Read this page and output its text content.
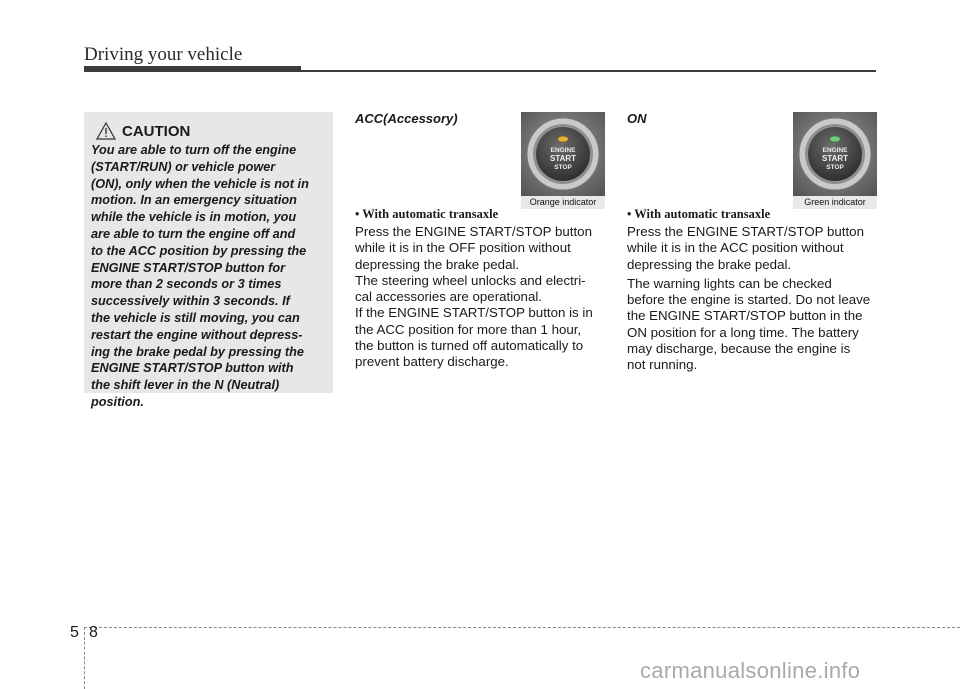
Driving your vehicle
CAUTION
You are able to turn off the engine
(START/RUN) or vehicle power
(ON), only when the vehicle is not in
motion. In an emergency situation
while the vehicle is in motion, you
are able to turn the engine off and
to the ACC position by pressing the
ENGINE START/STOP button for
more than 2 seconds or 3 times
successively within 3 seconds. If
the vehicle is still moving, you can
restart the engine without depress-
ing the brake pedal by pressing the
ENGINE START/STOP button with
the shift lever in the N (Neutral)
position.
ACC(Accessory)
ENGINE
START
STOP
Orange indicator
• With automatic transaxle
Press the ENGINE START/STOP button
while it is in the OFF position without
depressing the brake pedal.
The steering wheel unlocks and electri-
cal accessories are operational.
If the ENGINE START/STOP button is in
the ACC position for more than 1 hour,
the button is turned off automatically to
prevent battery discharge.
ON
ENGINE
START
STOP
Green indicator
• With automatic transaxle

Press the ENGINE START/STOP button
while it is in the ACC position without
depressing the brake pedal.

The warning lights can be checked
before the engine is started. Do not leave
the ENGINE START/STOP button in the
ON position for a long time. The battery
may discharge, because the engine is
not running.

5 8
carmanualsonline.info
